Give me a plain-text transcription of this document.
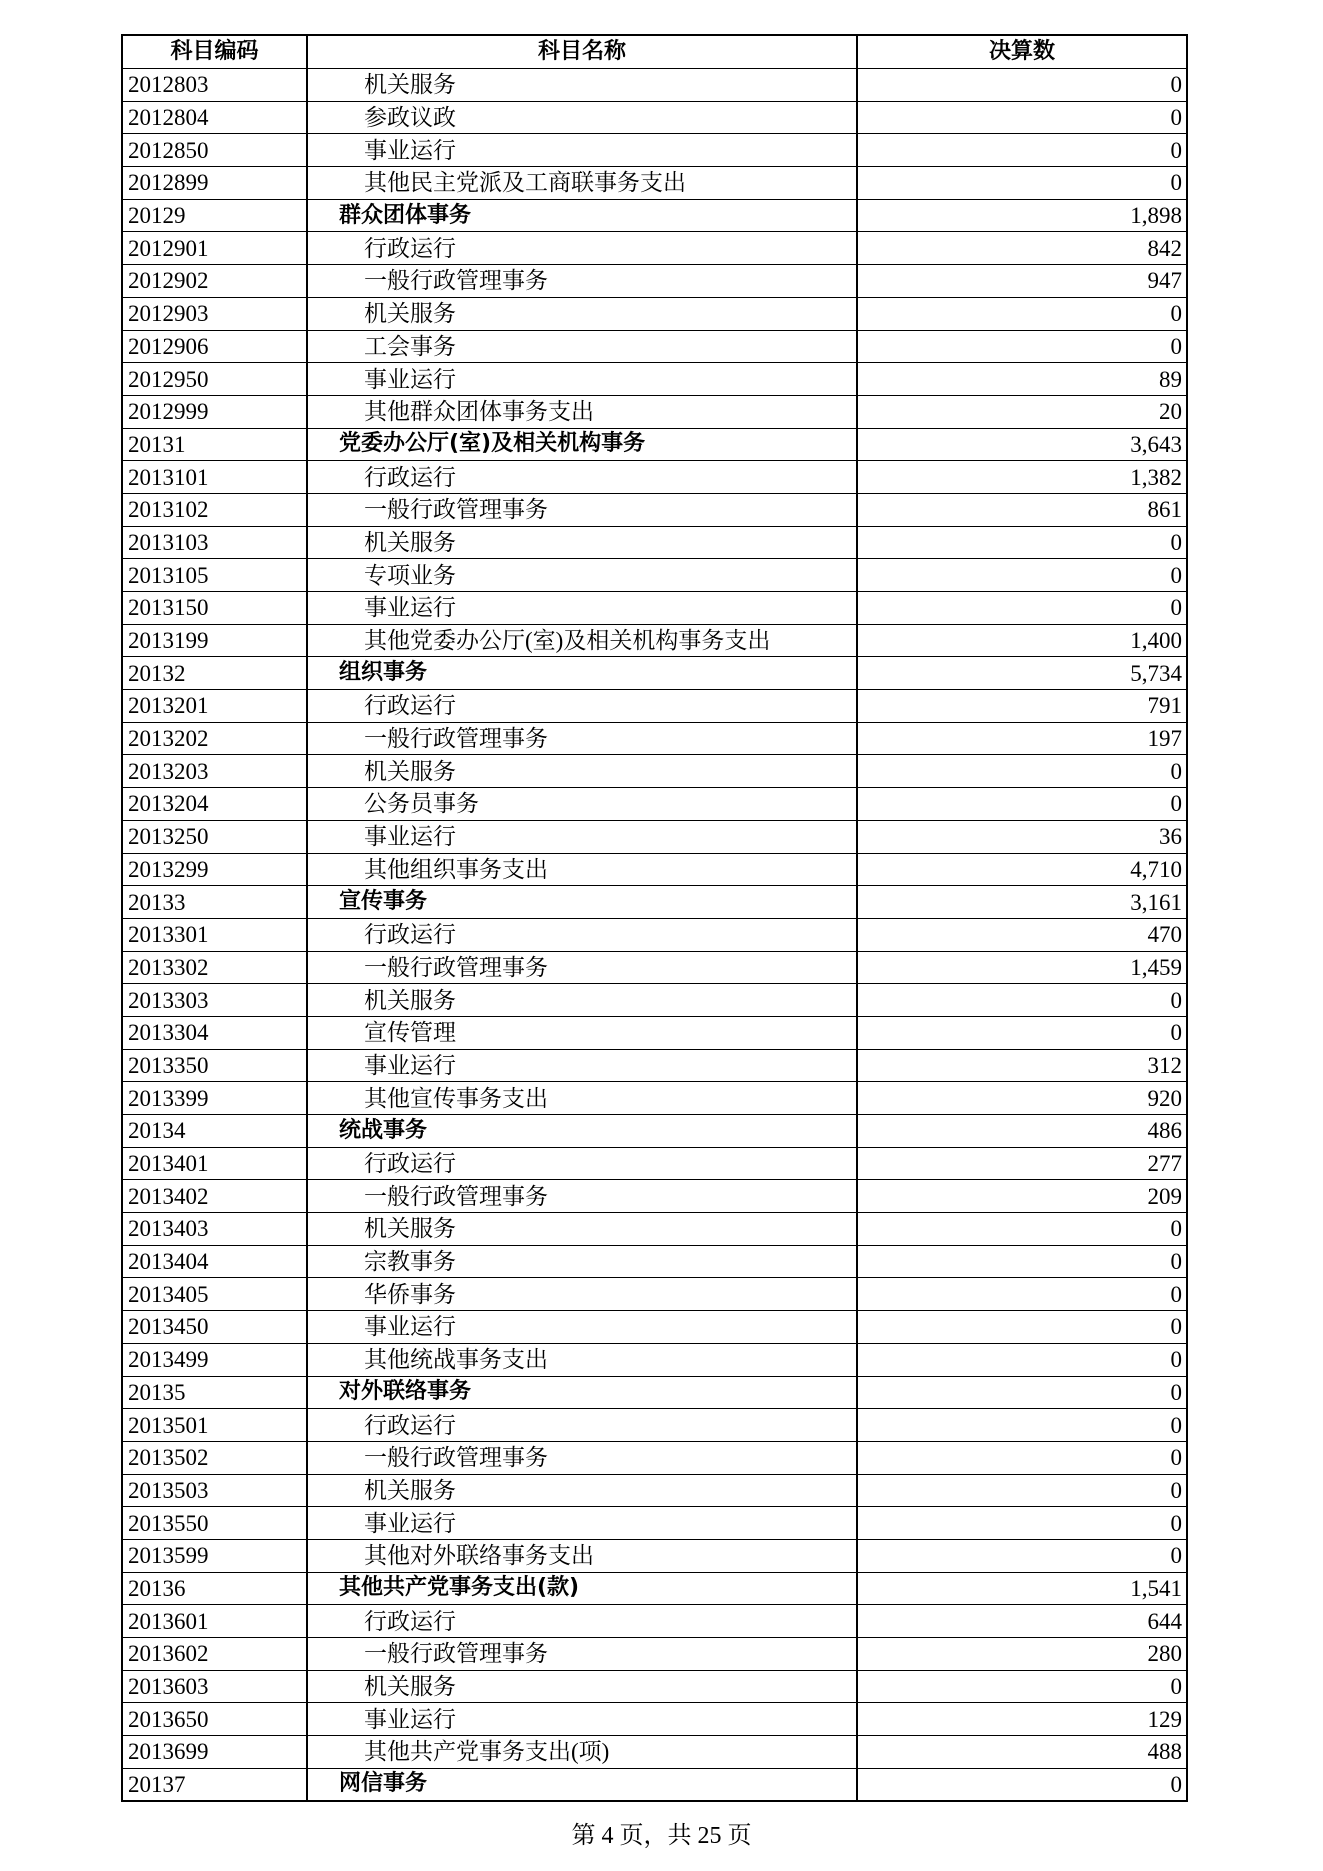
科目编码	科目名称	决算数
2012803	机关服务	0
2012804	参政议政	0
2012850	事业运行	0
2012899	其他民主党派及工商联事务支出	0
20129	群众团体事务	1,898
2012901	行政运行	842
2012902	一般行政管理事务	947
2012903	机关服务	0
2012906	工会事务	0
2012950	事业运行	89
2012999	其他群众团体事务支出	20
20131	党委办公厅(室)及相关机构事务	3,643
2013101	行政运行	1,382
2013102	一般行政管理事务	861
2013103	机关服务	0
2013105	专项业务	0
2013150	事业运行	0
2013199	其他党委办公厅(室)及相关机构事务支出	1,400
20132	组织事务	5,734
2013201	行政运行	791
2013202	一般行政管理事务	197
2013203	机关服务	0
2013204	公务员事务	0
2013250	事业运行	36
2013299	其他组织事务支出	4,710
20133	宣传事务	3,161
2013301	行政运行	470
2013302	一般行政管理事务	1,459
2013303	机关服务	0
2013304	宣传管理	0
2013350	事业运行	312
2013399	其他宣传事务支出	920
20134	统战事务	486
2013401	行政运行	277
2013402	一般行政管理事务	209
2013403	机关服务	0
2013404	宗教事务	0
2013405	华侨事务	0
2013450	事业运行	0
2013499	其他统战事务支出	0
20135	对外联络事务	0
2013501	行政运行	0
2013502	一般行政管理事务	0
2013503	机关服务	0
2013550	事业运行	0
2013599	其他对外联络事务支出	0
20136	其他共产党事务支出(款)	1,541
2013601	行政运行	644
2013602	一般行政管理事务	280
2013603	机关服务	0
2013650	事业运行	129
2013699	其他共产党事务支出(项)	488
20137	网信事务	0
第 4 页，共 25 页
